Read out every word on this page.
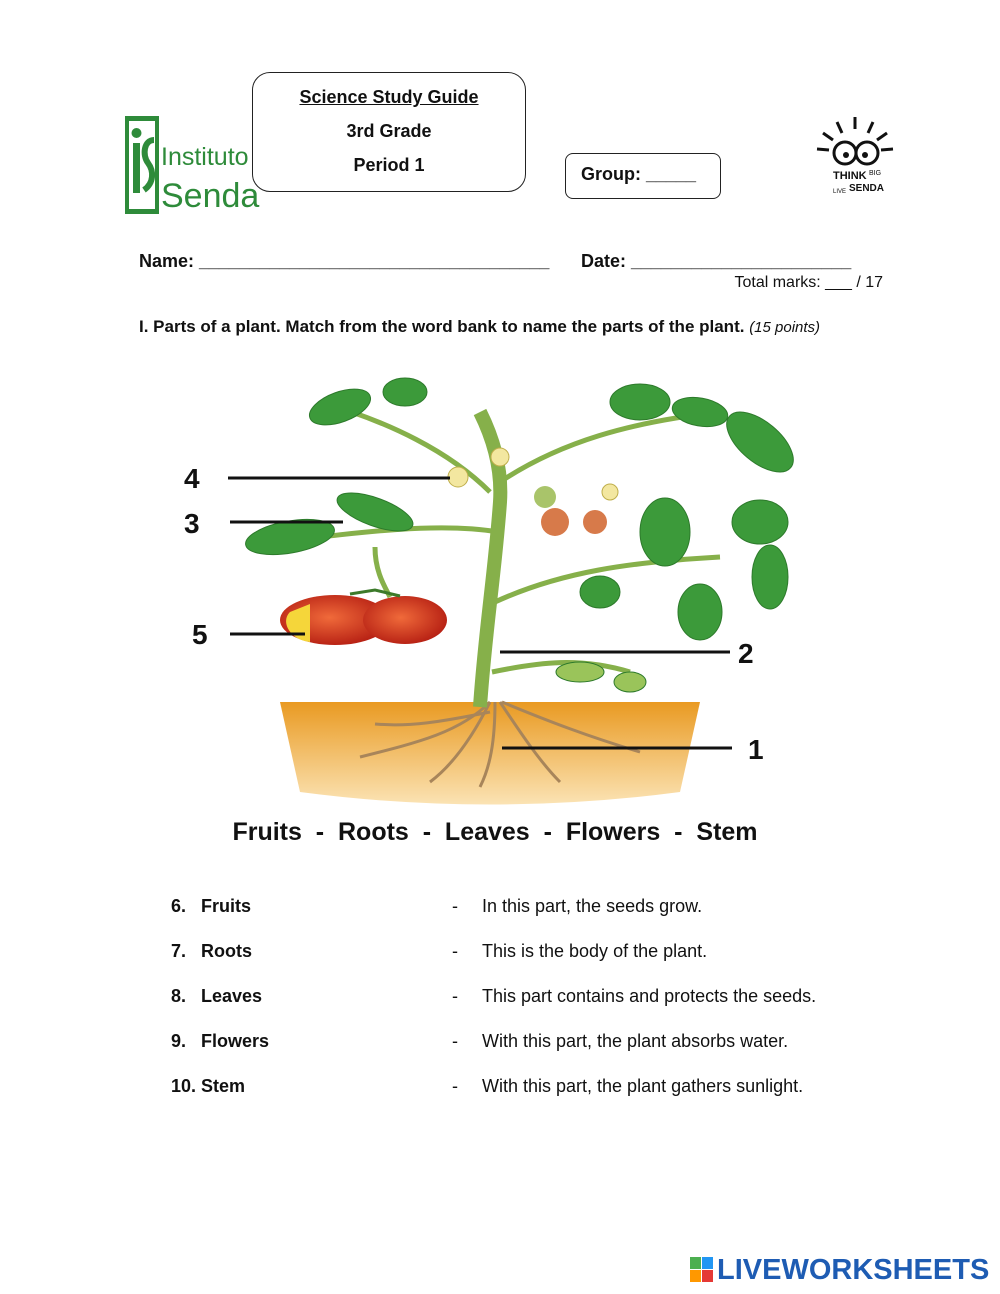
Instituto
Senda
Science Study Guide
3rd Grade
Period 1	Group: _____	THINK BIG
LIVE SENDA
Name: ___________________________________ Date: ______________________
Total marks: ___ / 17
I. Parts of a plant. Match from the word bank to name the parts of the plant. (15 points)
4
3
5
2
1
Fruits  -  Roots  -  Leaves  -  Flowers  -  Stem
6. Fruits	- In this part, the seeds grow.
7. Roots	- This is the body of the plant.
8. Leaves	- This part contains and protects the seeds.
9. Flowers	- With this part, the plant absorbs water.
10. Stem	- With this part, the plant gathers sunlight.
LIVEWORKSHEETS
